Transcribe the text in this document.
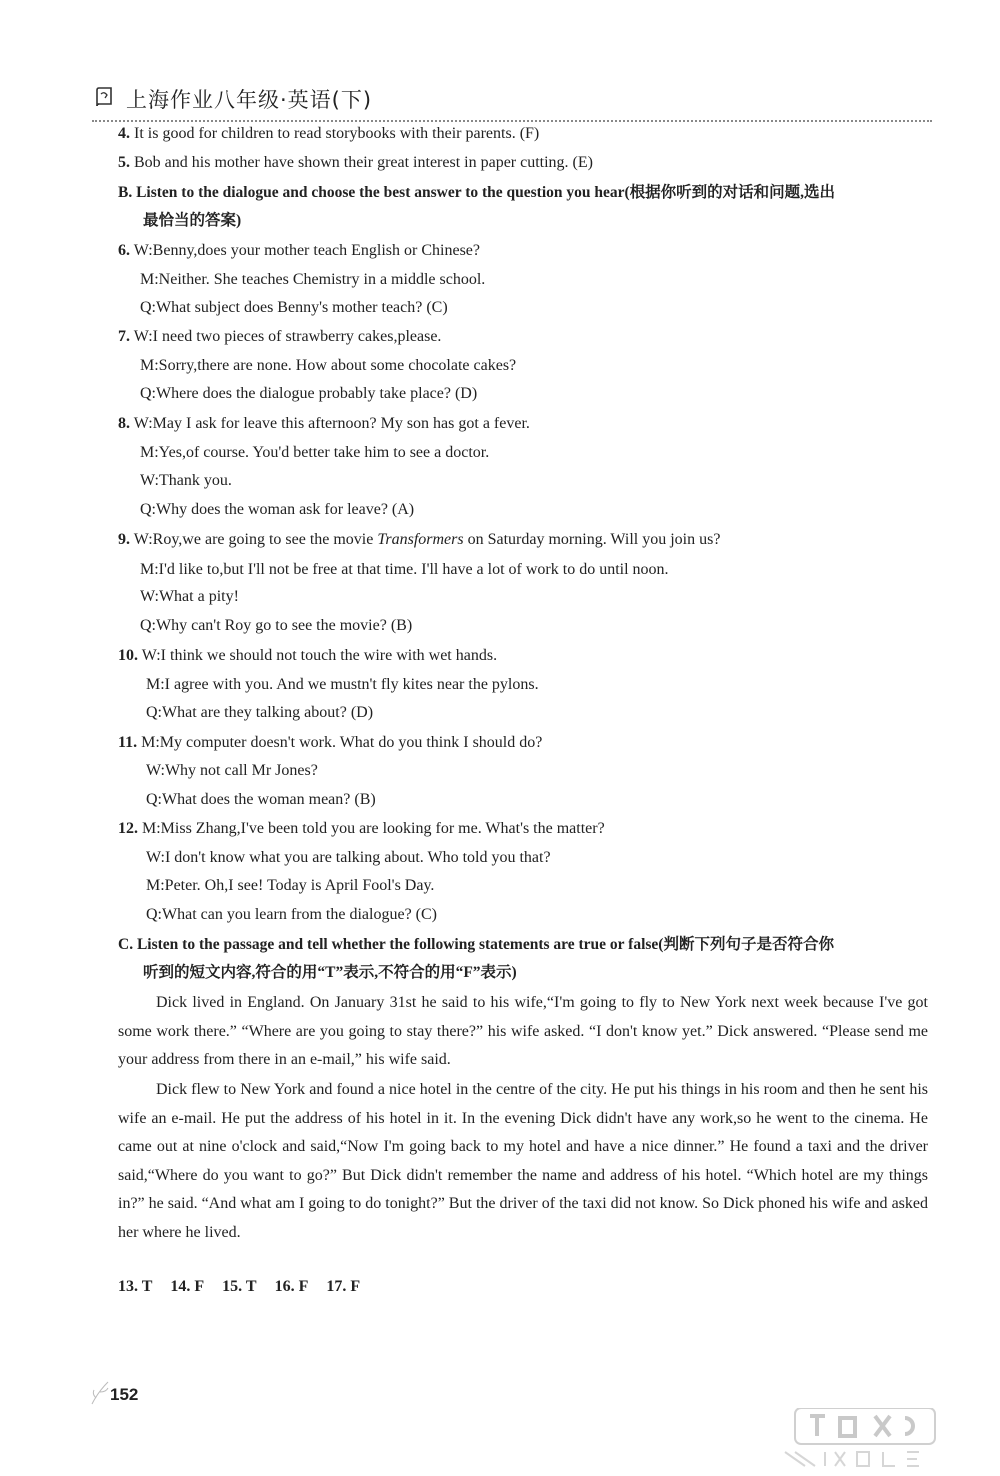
上海作业八年级·英语(下)
4. It is good for children to read storybooks with their parents. (F)
5. Bob and his mother have shown their great interest in paper cutting. (E)
B. Listen to the dialogue and choose the best answer to the question you hear(根据你听到的对话和问题,选出
最恰当的答案)
6. W:Benny,does your mother teach English or Chinese?
M:Neither. She teaches Chemistry in a middle school.
Q:What subject does Benny's mother teach? (C)
7. W:I need two pieces of strawberry cakes,please.
M:Sorry,there are none. How about some chocolate cakes?
Q:Where does the dialogue probably take place? (D)
8. W:May I ask for leave this afternoon? My son has got a fever.
M:Yes,of course. You'd better take him to see a doctor.
W:Thank you.
Q:Why does the woman ask for leave? (A)
9. W:Roy,we are going to see the movie Transformers on Saturday morning. Will you join us?
M:I'd like to,but I'll not be free at that time. I'll have a lot of work to do until noon.
W:What a pity!
Q:Why can't Roy go to see the movie? (B)
10. W:I think we should not touch the wire with wet hands.
M:I agree with you. And we mustn't fly kites near the pylons.
Q:What are they talking about? (D)
11. M:My computer doesn't work. What do you think I should do?
W:Why not call Mr Jones?
Q:What does the woman mean? (B)
12. M:Miss Zhang,I've been told you are looking for me. What's the matter?
W:I don't know what you are talking about. Who told you that?
M:Peter. Oh,I see! Today is April Fool's Day.
Q:What can you learn from the dialogue? (C)
C. Listen to the passage and tell whether the following statements are true or false(判断下列句子是否符合你
听到的短文内容,符合的用“T”表示,不符合的用“F”表示)
Dick lived in England. On January 31st he said to his wife,“I'm going to fly to New York next week because I've got some work there.” “Where are you going to stay there?” his wife asked. “I don't know yet.” Dick answered. “Please send me your address from there in an e-mail,” his wife said.
Dick flew to New York and found a nice hotel in the centre of the city. He put his things in his room and then he sent his wife an e-mail. He put the address of his hotel in it. In the evening Dick didn't have any work,so he went to the cinema. He came out at nine o'clock and said,“Now I'm going back to my hotel and have a nice dinner.” He found a taxi and the driver said,“Where do you want to go?” But Dick didn't remember the name and address of his hotel. “Which hotel are my things in?” he said. “And what am I going to do tonight?” But the driver of the taxi did not know. So Dick phoned his wife and asked her where he lived.
13. T 14. F 15. T 16. F 17. F
152
